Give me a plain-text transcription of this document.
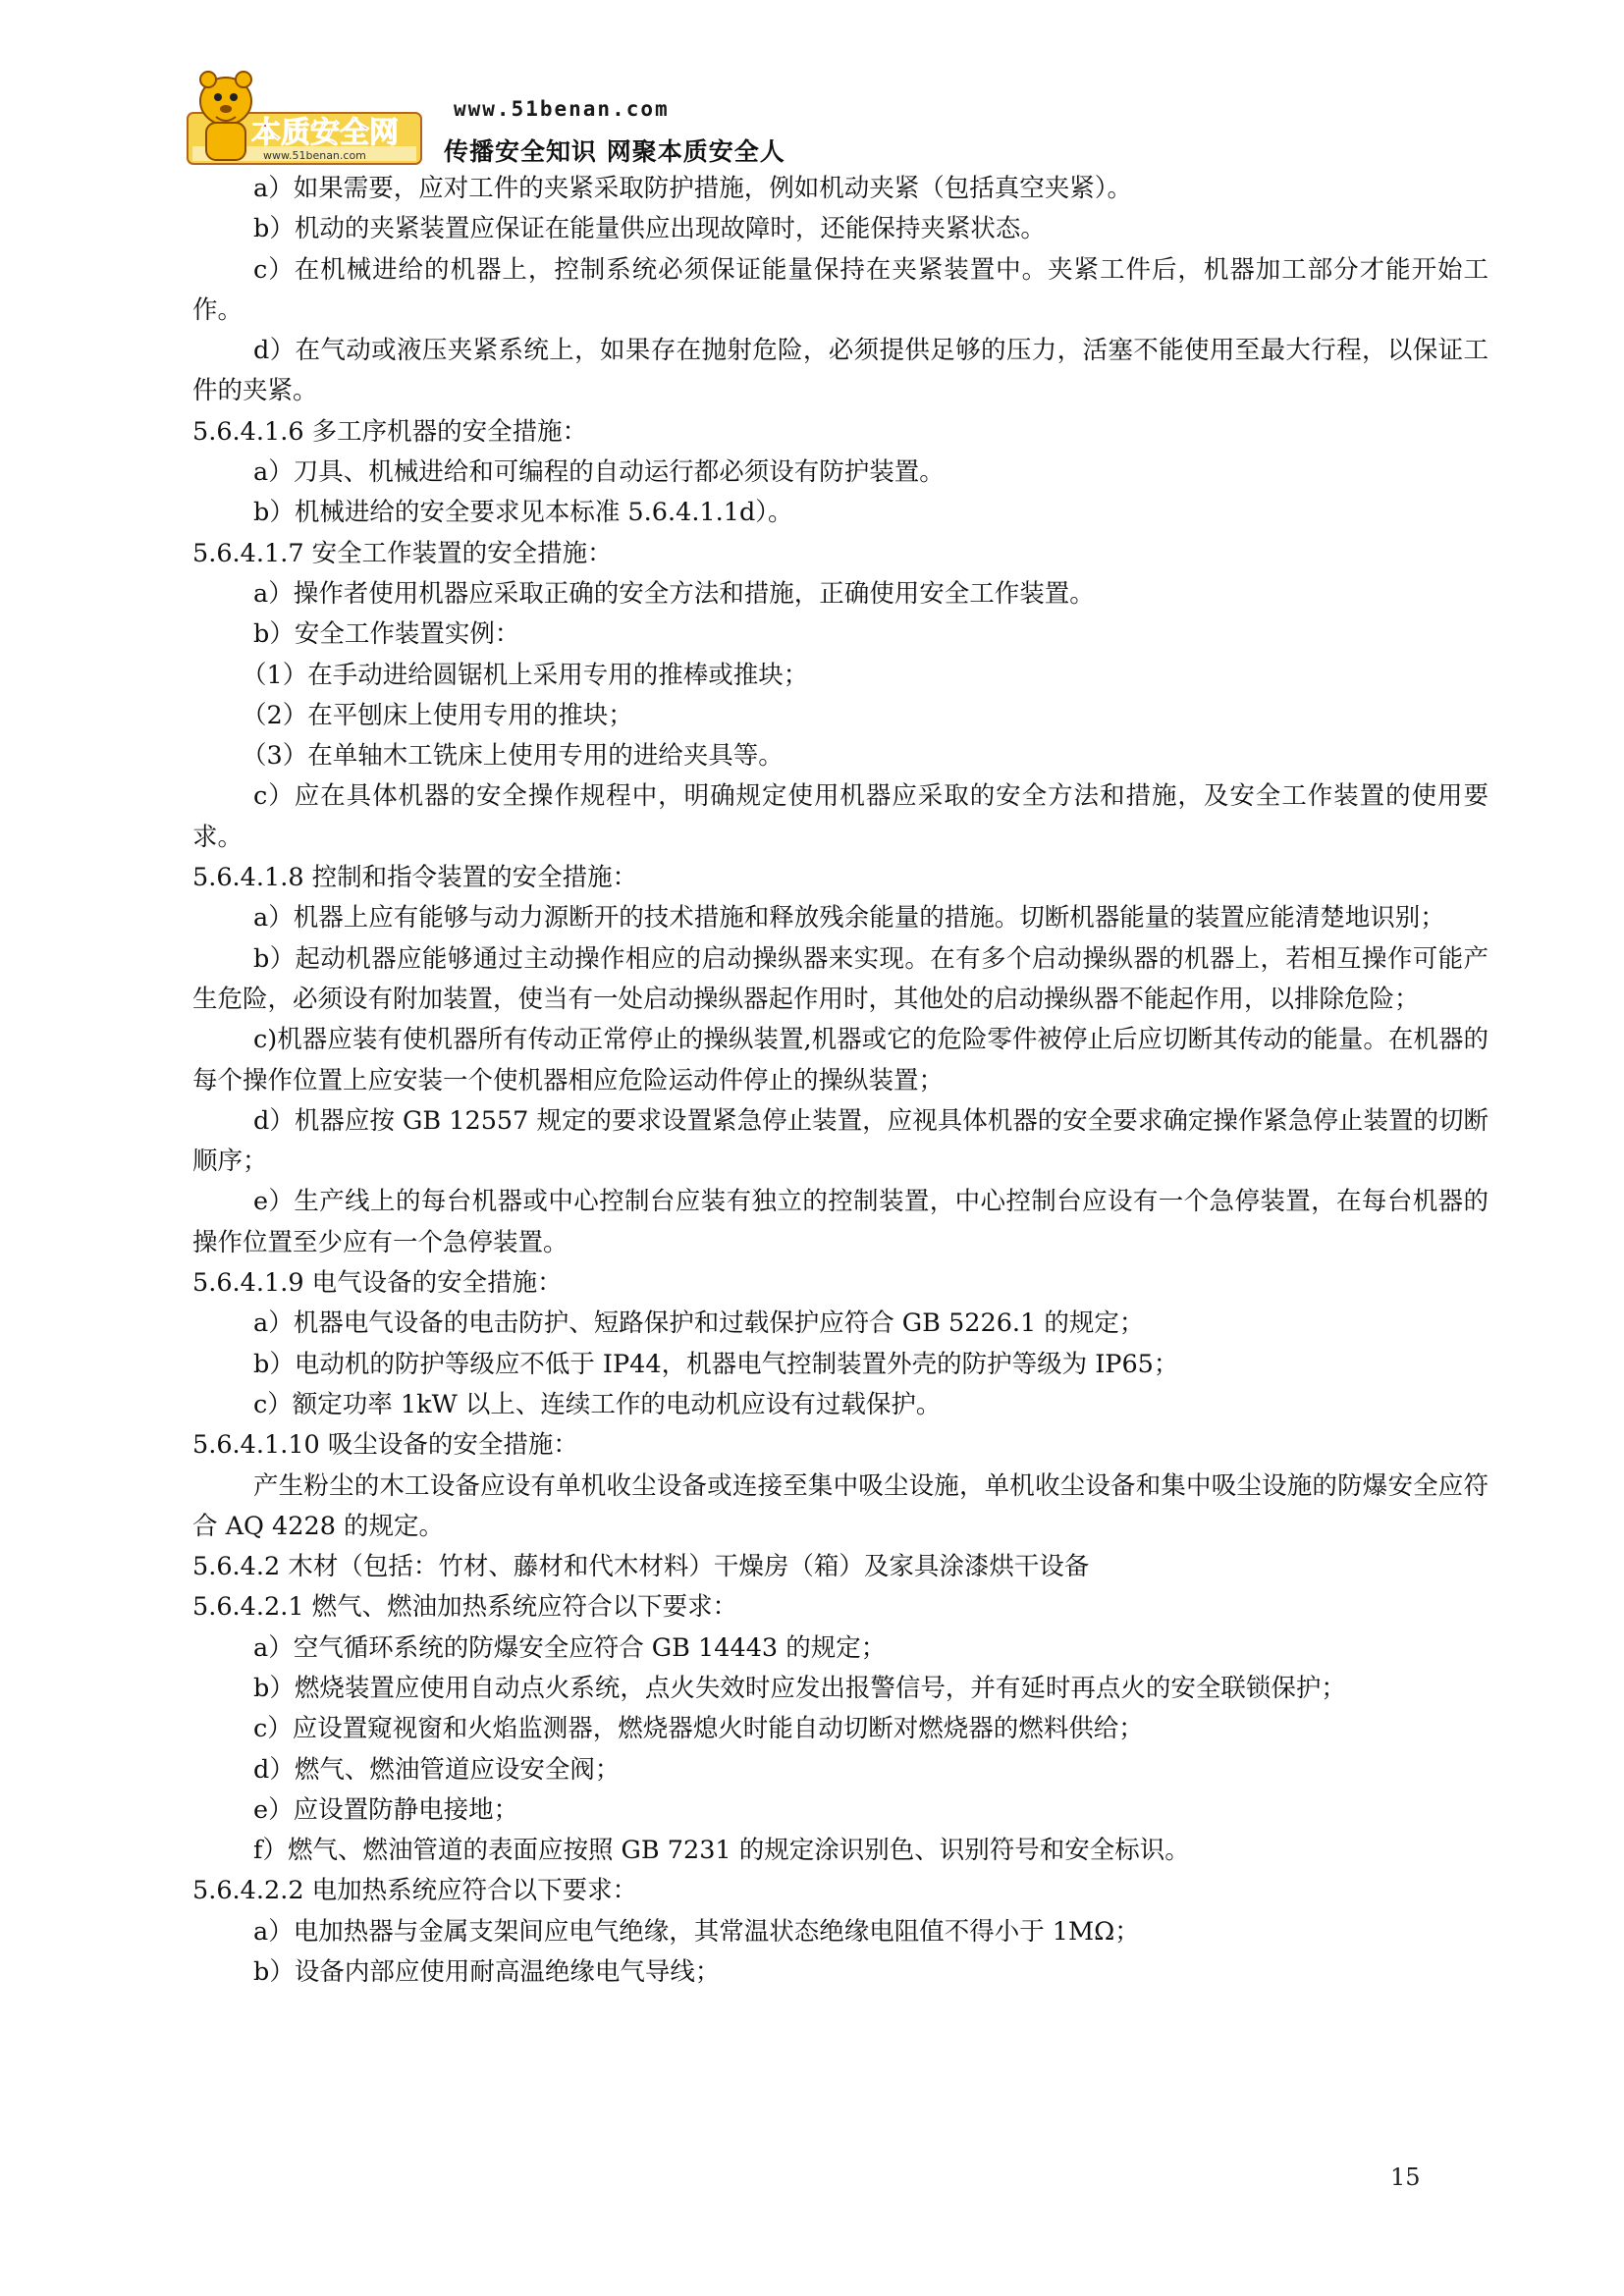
本质安全网
www.51benan.com
www.51benan.com
传播安全知识 网聚本质安全人

a）如果需要，应对工件的夹紧采取防护措施，例如机动夹紧（包括真空夹紧）。

b）机动的夹紧装置应保证在能量供应出现故障时，还能保持夹紧状态。

c）在机械进给的机器上，控制系统必须保证能量保持在夹紧装置中。夹紧工件后，机器加工部分才能开始工作。

d）在气动或液压夹紧系统上，如果存在抛射危险，必须提供足够的压力，活塞不能使用至最大行程，以保证工件的夹紧。

5.6.4.1.6 多工序机器的安全措施：

a）刀具、机械进给和可编程的自动运行都必须设有防护装置。

b）机械进给的安全要求见本标准 5.6.4.1.1d）。

5.6.4.1.7 安全工作装置的安全措施：

a）操作者使用机器应采取正确的安全方法和措施，正确使用安全工作装置。

b）安全工作装置实例：

（1）在手动进给圆锯机上采用专用的推棒或推块；

（2）在平刨床上使用专用的推块；

（3）在单轴木工铣床上使用专用的进给夹具等。

c）应在具体机器的安全操作规程中，明确规定使用机器应采取的安全方法和措施，及安全工作装置的使用要求。

5.6.4.1.8 控制和指令装置的安全措施：

a）机器上应有能够与动力源断开的技术措施和释放残余能量的措施。切断机器能量的装置应能清楚地识别；

b）起动机器应能够通过主动操作相应的启动操纵器来实现。在有多个启动操纵器的机器上，若相互操作可能产生危险，必须设有附加装置，使当有一处启动操纵器起作用时，其他处的启动操纵器不能起作用，以排除危险；

c)机器应装有使机器所有传动正常停止的操纵装置,机器或它的危险零件被停止后应切断其传动的能量。在机器的每个操作位置上应安装一个使机器相应危险运动件停止的操纵装置；

d）机器应按 GB 12557 规定的要求设置紧急停止装置，应视具体机器的安全要求确定操作紧急停止装置的切断顺序；

e）生产线上的每台机器或中心控制台应装有独立的控制装置，中心控制台应设有一个急停装置，在每台机器的操作位置至少应有一个急停装置。

5.6.4.1.9 电气设备的安全措施：

a）机器电气设备的电击防护、短路保护和过载保护应符合 GB 5226.1 的规定；

b）电动机的防护等级应不低于 IP44，机器电气控制装置外壳的防护等级为 IP65；

c）额定功率 1kW 以上、连续工作的电动机应设有过载保护。

5.6.4.1.10 吸尘设备的安全措施：

产生粉尘的木工设备应设有单机收尘设备或连接至集中吸尘设施，单机收尘设备和集中吸尘设施的防爆安全应符合 AQ 4228 的规定。

5.6.4.2 木材（包括：竹材、藤材和代木材料）干燥房（箱）及家具涂漆烘干设备

5.6.4.2.1 燃气、燃油加热系统应符合以下要求：

a）空气循环系统的防爆安全应符合 GB 14443 的规定；

b）燃烧装置应使用自动点火系统，点火失效时应发出报警信号，并有延时再点火的安全联锁保护；

c）应设置窥视窗和火焰监测器，燃烧器熄火时能自动切断对燃烧器的燃料供给；

d）燃气、燃油管道应设安全阀；

e）应设置防静电接地；

f）燃气、燃油管道的表面应按照 GB 7231 的规定涂识别色、识别符号和安全标识。

5.6.4.2.2 电加热系统应符合以下要求：

a）电加热器与金属支架间应电气绝缘，其常温状态绝缘电阻值不得小于 1MΩ；

b）设备内部应使用耐高温绝缘电气导线；

15
